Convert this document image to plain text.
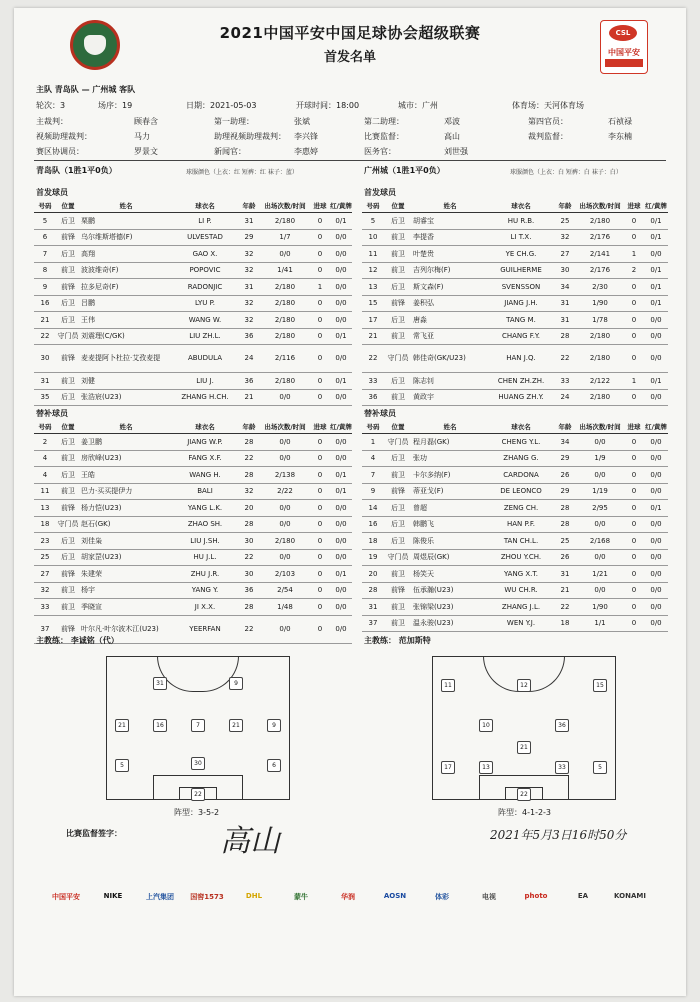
2021中国平安中国足球协会超级联赛
首发名单
CSL
中国平安
主队 青岛队 — 广州城 客队
轮次：3	场序：19	日期：2021-05-03	开球时间：18:00	城市：广州	体育场：天河体育场
主裁判：	顾春含	第一助理：	张斌	第二助理：	邓波	第四官员：	石祯禄
视频助理裁判：	马力	助理视频助理裁判： 李兴锋	比赛监督：	高山	裁判监督：	李东楠
赛区协调员：	罗景文	新闻官：	李惠婷	医务官：	刘世强
青岛队（1胜1平0负）	球服颜色（上衣：红 短裤：红 袜子：蓝）	广州城（1胜1平0负）	球服颜色（上衣：白 短裤：白 袜子：白）
首发球员	首发球员
号码	位置	姓名	球衣名	年龄	出场次数/时间	进球	红/黄牌
5	后卫	栗鹏	LI P.	31	2/180	0	0/1
6	前锋	乌尔维斯塔德(F)	ULVESTAD	29	1/7	0	0/0
7	后卫	高翔	GAO X.	32	0/0	0	0/0
8	前卫	波波维奇(F)	POPOVIC	32	1/41	0	0/0
9	前锋	拉多尼奇(F)	RADONJIC	31	2/180	1	0/0
16	后卫	吕鹏	LYU P.	32	2/180	0	0/0
21	后卫	王伟	WANG W.	32	2/180	0	0/0
22	守门员	刘震理(C/GK)	LIU ZH.L.	36	2/180	0	0/1
30	前锋	麦麦提阿卜杜拉·艾孜麦提	ABUDULA	24	2/116	0	0/0
31	前卫	刘健	LIU J.	36	2/180	0	0/1
35	后卫	张浩宸(U23)	ZHANG H.CH.	21	0/0	0	0/0
号码	位置	姓名	球衣名	年龄	出场次数/时间	进球	红/黄牌
5	后卫	胡睿宝	HU R.B.	25	2/180	0	0/1
10	前卫	李提香	LI T.X.	32	2/176	0	0/1
11	前卫	叶楚贵	YE CH.G.	27	2/141	1	0/0
12	前卫	吉列尔梅(F)	GUILHERME	30	2/176	2	0/1
13	后卫	斯文森(F)	SVENSSON	34	2/30	0	0/1
15	前锋	姜积弘	JIANG J.H.	31	1/90	0	0/1
17	后卫	唐淼	TANG M.	31	1/78	0	0/0
21	前卫	常飞亚	CHANG F.Y.	28	2/180	0	0/0
22	守门员	韩佳奇(GK/U23)	HAN J.Q.	22	2/180	0	0/0
33	后卫	陈志钊	CHEN ZH.ZH.	33	2/122	1	0/1
36	前卫	黄政宇	HUANG ZH.Y.	24	2/180	0	0/0
替补球员	替补球员
号码	位置	姓名	球衣名	年龄	出场次数/时间	进球	红/黄牌
2	后卫	姜卫鹏	JIANG W.P.	28	0/0	0	0/0
4	前卫	房欣峰(U23)	FANG X.F.	22	0/0	0	0/0
4	后卫	王皓	WANG H.	28	2/138	0	0/1
11	前卫	巴力·买买提伊力	BALI	32	2/22	0	0/1
13	前锋	杨力恺(U23)	YANG L.K.	20	0/0	0	0/0
18	守门员	赵石(GK)	ZHAO SH.	28	0/0	0	0/0
23	后卫	刘佳枭	LIU J.SH.	30	2/180	0	0/0
25	后卫	胡家罡(U23)	HU J.L.	22	0/0	0	0/0
27	前锋	朱建荣	ZHU J.R.	30	2/103	0	0/1
32	前卫	杨宇	YANG Y.	36	2/54	0	0/0
33	前卫	季晓宣	JI X.X.	28	1/48	0	0/0
37	前锋	叶尔凡·叶尔波木江(U23)	YEERFAN	22	0/0	0	0/0
号码	位置	姓名	球衣名	年龄	出场次数/时间	进球	红/黄牌
1	守门员	程月磊(GK)	CHENG Y.L.	34	0/0	0	0/0
4	后卫	张功	ZHANG G.	29	1/9	0	0/0
7	前卫	卡尔多纳(F)	CARDONA	26	0/0	0	0/0
9	前锋	蒂亚戈(F)	DE LEONCO	29	1/19	0	0/0
14	后卫	曾超	ZENG CH.	28	2/95	0	0/1
16	后卫	韩鹏飞	HAN P.F.	28	0/0	0	0/0
18	后卫	陈俊乐	TAN CH.L.	25	2/168	0	0/0
19	守门员	周煜辰(GK)	ZHOU Y.CH.	26	0/0	0	0/0
20	前卫	杨笑天	YANG X.T.	31	1/21	0	0/0
28	前锋	伍承瀚(U23)	WU CH.R.	21	0/0	0	0/0
31	前卫	张锦梁(U23)	ZHANG J.L.	22	1/90	0	0/0
37	前卫	温永骏(U23)	WEN Y.J.	18	1/1	0	0/0
主教练： 李诚铭（代）	主教练： 范加斯特
31	9
21	16	7	21	9
5	30	6
22
11	12	15
10	36
21
17	13	33	5
22
阵型：3-5-2	阵型：4-1-2-3
比赛监督签字：	高山	2021年5月3日16时50分
中国平安	NIKE	上汽集团	国窖1573	DHL	蒙牛	华润	AOSN	体彩	电视	photo	EA	KONAMI
